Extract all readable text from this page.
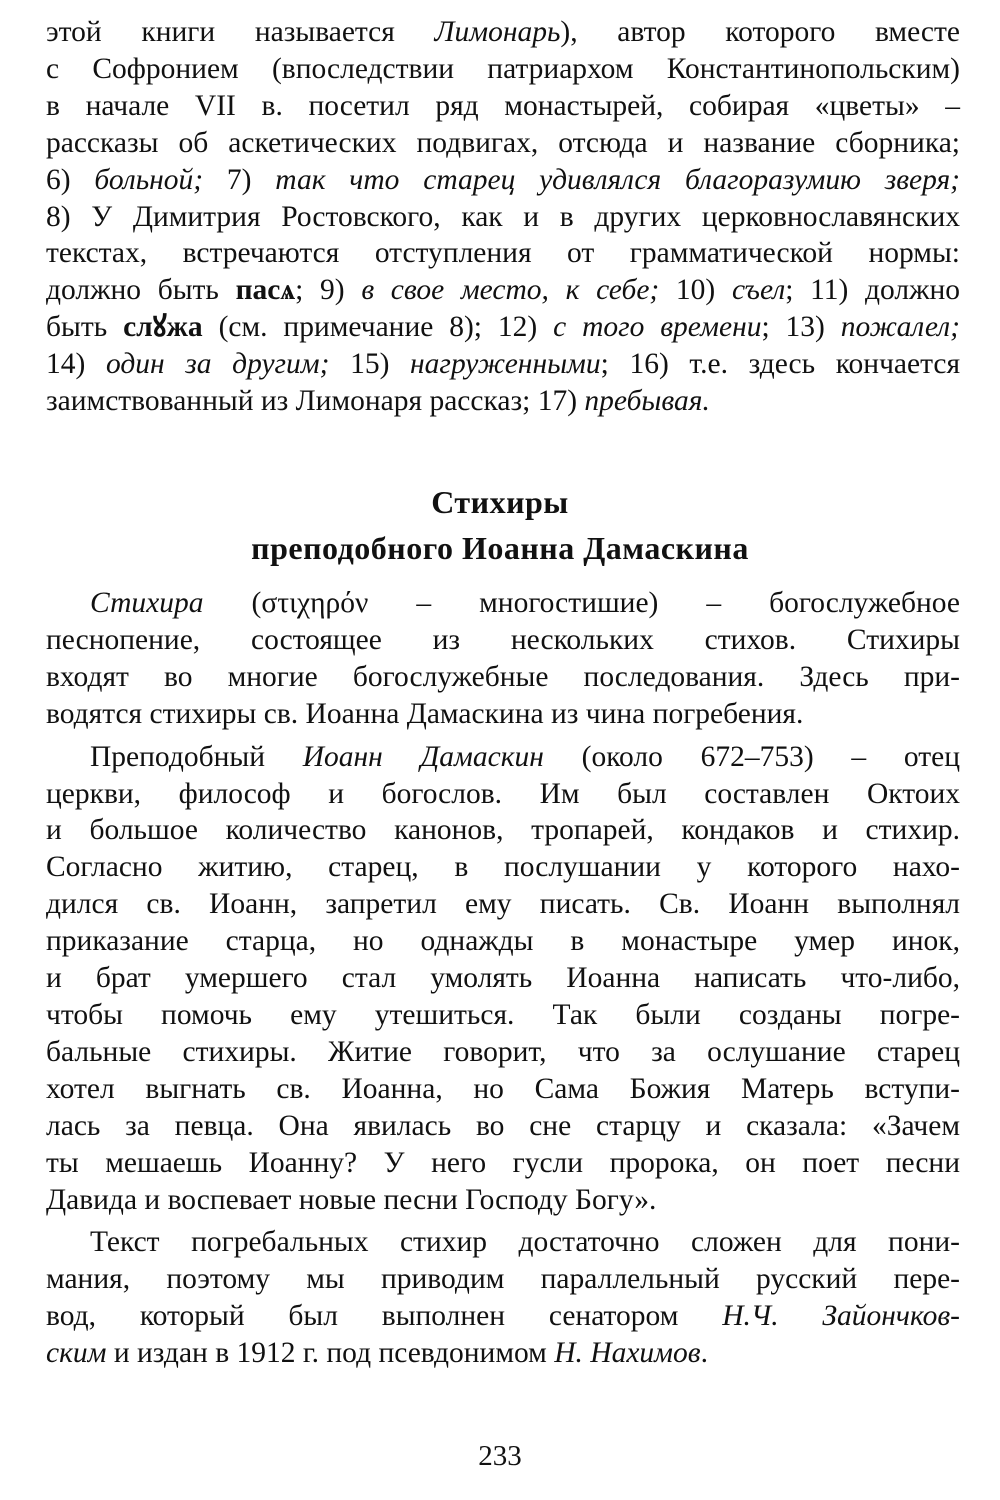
этой книги называется Лимонарь), автор которого вместе

с Софронием (впоследствии патриархом Константинопольским)

в начале VII в. посетил ряд монастырей, собирая «цветы» –

рассказы об аскетических подвигах, отсюда и название сборника;

6) больной; 7) так что старец удивлялся благоразумию зверя;

8) У Димитрия Ростовского, как и в других церковнославянских

текстах, встречаются отступления от грамматической нормы:

должно быть пасѧ; 9) в свое место, к себе; 10) съел; 11) должно

быть слꙋжа (см. примечание 8); 12) с того времени; 13) пожалел;

14) один за другим; 15) нагруженными; 16) т.е. здесь кончается

заимствованный из Лимонаря рассказ; 17) пребывая.

Стихиры
преподобного Иоанна Дамаскина

Стихира (στιχηρόν – многостишие) – богослужебное

песнопение, состоящее из нескольких стихов. Стихиры

входят во многие богослужебные последования. Здесь при-

водятся стихиры св. Иоанна Дамаскина из чина погребения.

Преподобный Иоанн Дамаскин (около 672–753) – отец

церкви, философ и богослов. Им был составлен Октоих

и большое количество канонов, тропарей, кондаков и стихир.

Согласно житию, старец, в послушании у которого нахо-

дился св. Иоанн, запретил ему писать. Св. Иоанн выполнял

приказание старца, но однажды в монастыре умер инок,

и брат умершего стал умолять Иоанна написать что-либо,

чтобы помочь ему утешиться. Так были созданы погре-

бальные стихиры. Житие говорит, что за ослушание старец

хотел выгнать св. Иоанна, но Сама Божия Матерь вступи-

лась за певца. Она явилась во сне старцу и сказала: «Зачем

ты мешаешь Иоанну? У него гусли пророка, он поет песни

Давида и воспевает новые песни Господу Богу».

Текст погребальных стихир достаточно сложен для пони-

мания, поэтому мы приводим параллельный русский пере-

вод, который был выполнен сенатором Н.Ч. Зайончков-

ским и издан в 1912 г. под псевдонимом Н. Нахимов.

233
